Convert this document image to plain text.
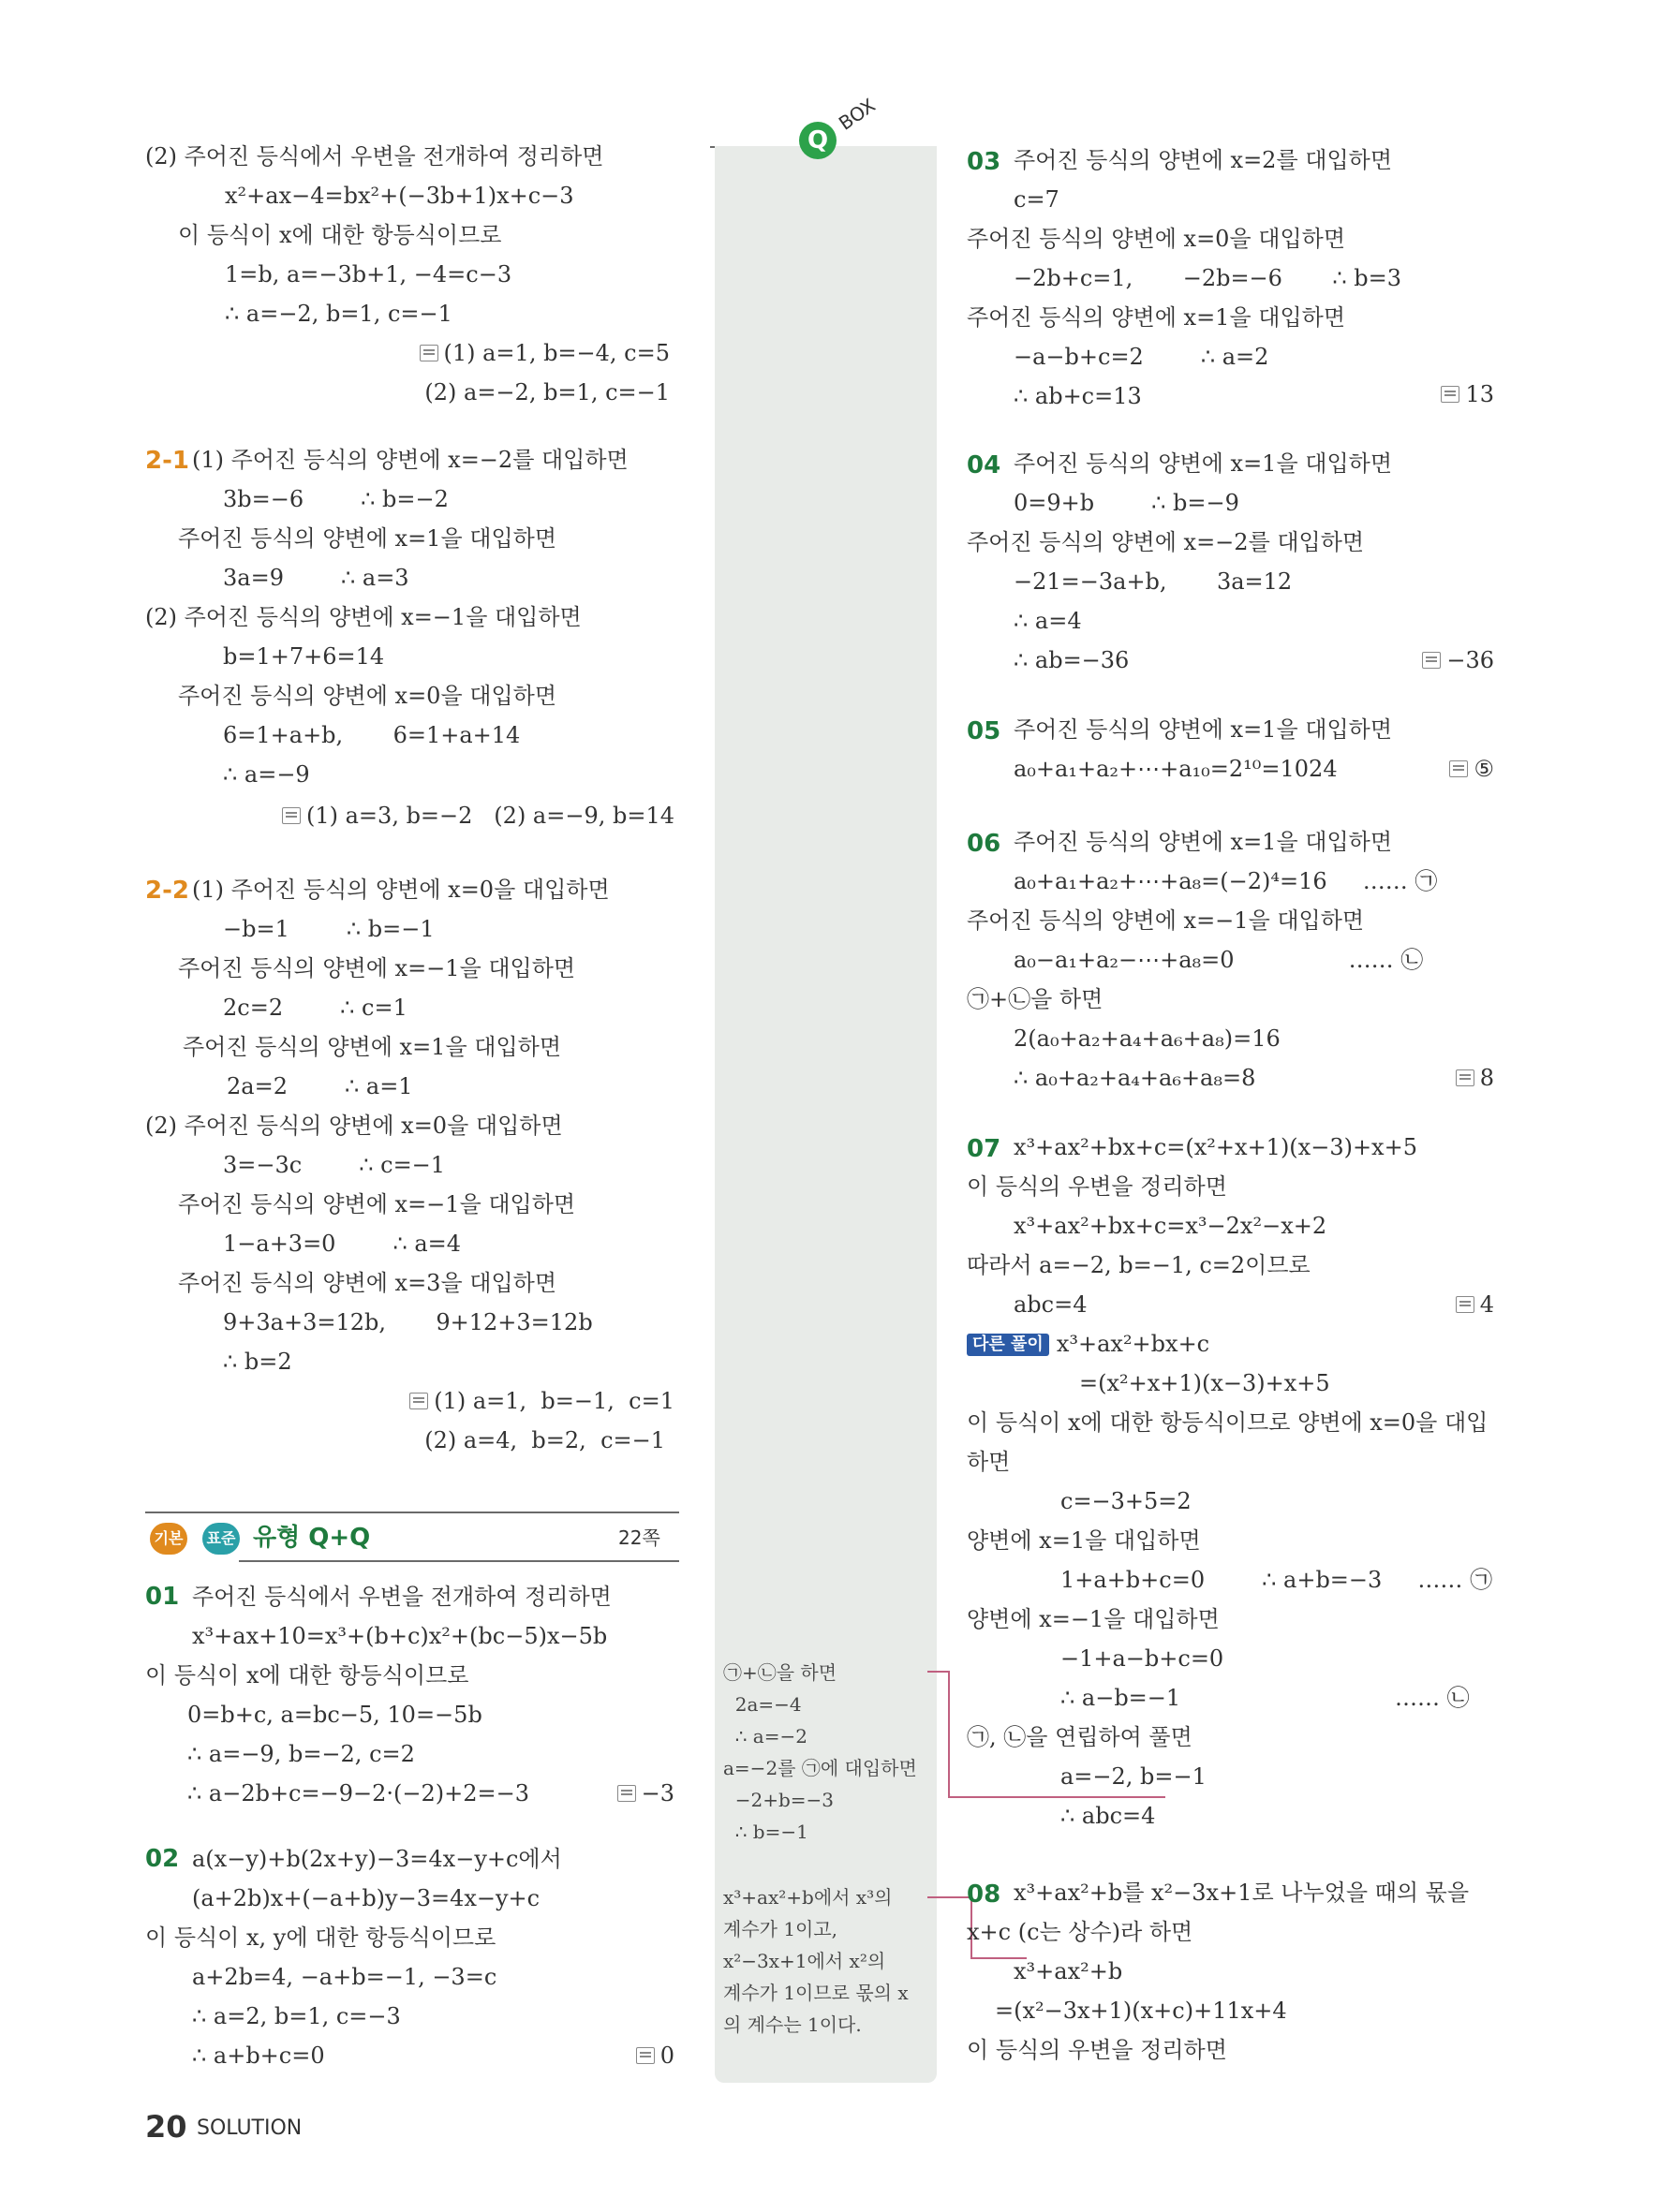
Q
BOX
20 SOLUTION
(2) 주어진 등식에서 우변을 전개하여 정리하면
x²+ax−4=bx²+(−3b+1)x+c−3
이 등식이 x에 대한 항등식이므로
1=b, a=−3b+1, −4=c−3
∴ a=−2, b=1, c=−1
(1) a=1, b=−4, c=5
(2) a=−2, b=1, c=−1
2-1 (1) 주어진 등식의 양변에 x=−2를 대입하면
3b=−6        ∴ b=−2
주어진 등식의 양변에 x=1을 대입하면
3a=9        ∴ a=3
(2) 주어진 등식의 양변에 x=−1을 대입하면
b=1+7+6=14
주어진 등식의 양변에 x=0을 대입하면
6=1+a+b,       6=1+a+14
∴ a=−9
(1) a=3, b=−2   (2) a=−9, b=14
2-2 (1) 주어진 등식의 양변에 x=0을 대입하면
−b=1        ∴ b=−1
주어진 등식의 양변에 x=−1을 대입하면
2c=2        ∴ c=1
주어진 등식의 양변에 x=1을 대입하면
2a=2        ∴ a=1
(2) 주어진 등식의 양변에 x=0을 대입하면
3=−3c        ∴ c=−1
주어진 등식의 양변에 x=−1을 대입하면
1−a+3=0        ∴ a=4
주어진 등식의 양변에 x=3을 대입하면
9+3a+3=12b,       9+12+3=12b
∴ b=2
(1) a=1,  b=−1,  c=1
(2) a=4,  b=2,  c=−1
기본 표준 유형 Q+Q	22쪽
01 주어진 등식에서 우변을 전개하여 정리하면
x³+ax+10=x³+(b+c)x²+(bc−5)x−5b
이 등식이 x에 대한 항등식이므로
0=b+c, a=bc−5, 10=−5b
∴ a=−9, b=−2, c=2
∴ a−2b+c=−9−2·(−2)+2=−3	−3
02 a(x−y)+b(2x+y)−3=4x−y+c에서
(a+2b)x+(−a+b)y−3=4x−y+c
이 등식이 x, y에 대한 항등식이므로
a+2b=4, −a+b=−1, −3=c
∴ a=2, b=1, c=−3
∴ a+b+c=0	0
㉠+㉡을 하면
2a=−4
∴ a=−2
a=−2를 ㉠에 대입하면
−2+b=−3
∴ b=−1
x³+ax²+b에서 x³의
계수가 1이고,
x²−3x+1에서 x²의
계수가 1이므로 몫의 x
의 계수는 1이다.
03 주어진 등식의 양변에 x=2를 대입하면
c=7
주어진 등식의 양변에 x=0을 대입하면
−2b+c=1,       −2b=−6       ∴ b=3
주어진 등식의 양변에 x=1을 대입하면
−a−b+c=2        ∴ a=2
∴ ab+c=13	13
04 주어진 등식의 양변에 x=1을 대입하면
0=9+b        ∴ b=−9
주어진 등식의 양변에 x=−2를 대입하면
−21=−3a+b,       3a=12
∴ a=4
∴ ab=−36	−36
05 주어진 등식의 양변에 x=1을 대입하면
a₀+a₁+a₂+⋯+a₁₀=2¹⁰=1024	⑤
06 주어진 등식의 양변에 x=1을 대입하면
a₀+a₁+a₂+⋯+a₈=(−2)⁴=16     …… ㉠
주어진 등식의 양변에 x=−1을 대입하면
a₀−a₁+a₂−⋯+a₈=0                …… ㉡
㉠+㉡을 하면
2(a₀+a₂+a₄+a₆+a₈)=16
∴ a₀+a₂+a₄+a₆+a₈=8	8
07 x³+ax²+bx+c=(x²+x+1)(x−3)+x+5
이 등식의 우변을 정리하면
x³+ax²+bx+c=x³−2x²−x+2
따라서 a=−2, b=−1, c=2이므로
abc=4	4
다른 풀이 x³+ax²+bx+c
=(x²+x+1)(x−3)+x+5
이 등식이 x에 대한 항등식이므로 양변에 x=0을 대입
하면
c=−3+5=2
양변에 x=1을 대입하면
1+a+b+c=0        ∴ a+b=−3     …… ㉠
양변에 x=−1을 대입하면
−1+a−b+c=0
∴ a−b=−1                              …… ㉡
㉠, ㉡을 연립하여 풀면
a=−2, b=−1
∴ abc=4
08 x³+ax²+b를 x²−3x+1로 나누었을 때의 몫을
x+c (c는 상수)라 하면
x³+ax²+b
=(x²−3x+1)(x+c)+11x+4
이 등식의 우변을 정리하면
